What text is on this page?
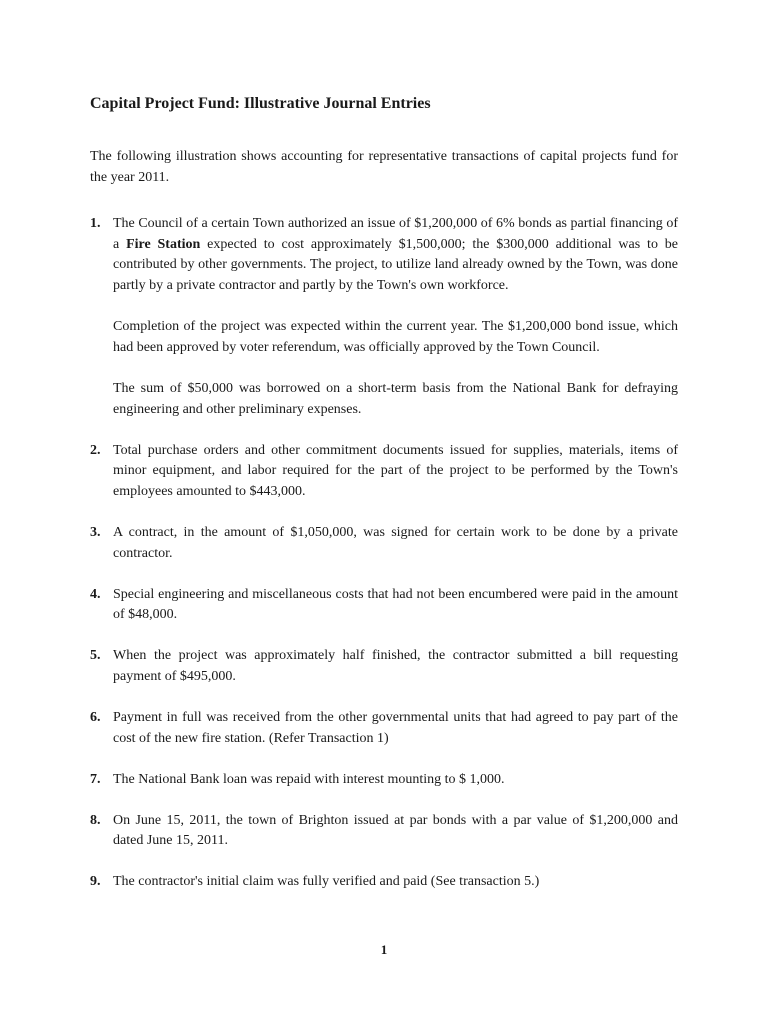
Capital Project Fund: Illustrative Journal Entries

The following illustration shows accounting for representative transactions of capital projects fund for the year 2011.

1. The Council of a certain Town authorized an issue of $1,200,000 of 6% bonds as partial financing of a Fire Station expected to cost approximately $1,500,000; the $300,000 additional was to be contributed by other governments. The project, to utilize land already owned by the Town, was done partly by a private contractor and partly by the Town's own workforce.

Completion of the project was expected within the current year. The $1,200,000 bond issue, which had been approved by voter referendum, was officially approved by the Town Council.

The sum of $50,000 was borrowed on a short-term basis from the National Bank for defraying engineering and other preliminary expenses.

2. Total purchase orders and other commitment documents issued for supplies, materials, items of minor equipment, and labor required for the part of the project to be performed by the Town's employees amounted to $443,000.

3. A contract, in the amount of $1,050,000, was signed for certain work to be done by a private contractor.

4. Special engineering and miscellaneous costs that had not been encumbered were paid in the amount of $48,000.

5. When the project was approximately half finished, the contractor submitted a bill requesting payment of $495,000.

6. Payment in full was received from the other governmental units that had agreed to pay part of the cost of the new fire station. (Refer Transaction 1)

7. The National Bank loan was repaid with interest mounting to $ 1,000.

8. On June 15, 2011, the town of Brighton issued at par bonds with a par value of $1,200,000 and dated June 15, 2011.

9. The contractor's initial claim was fully verified and paid (See transaction 5.)

1
